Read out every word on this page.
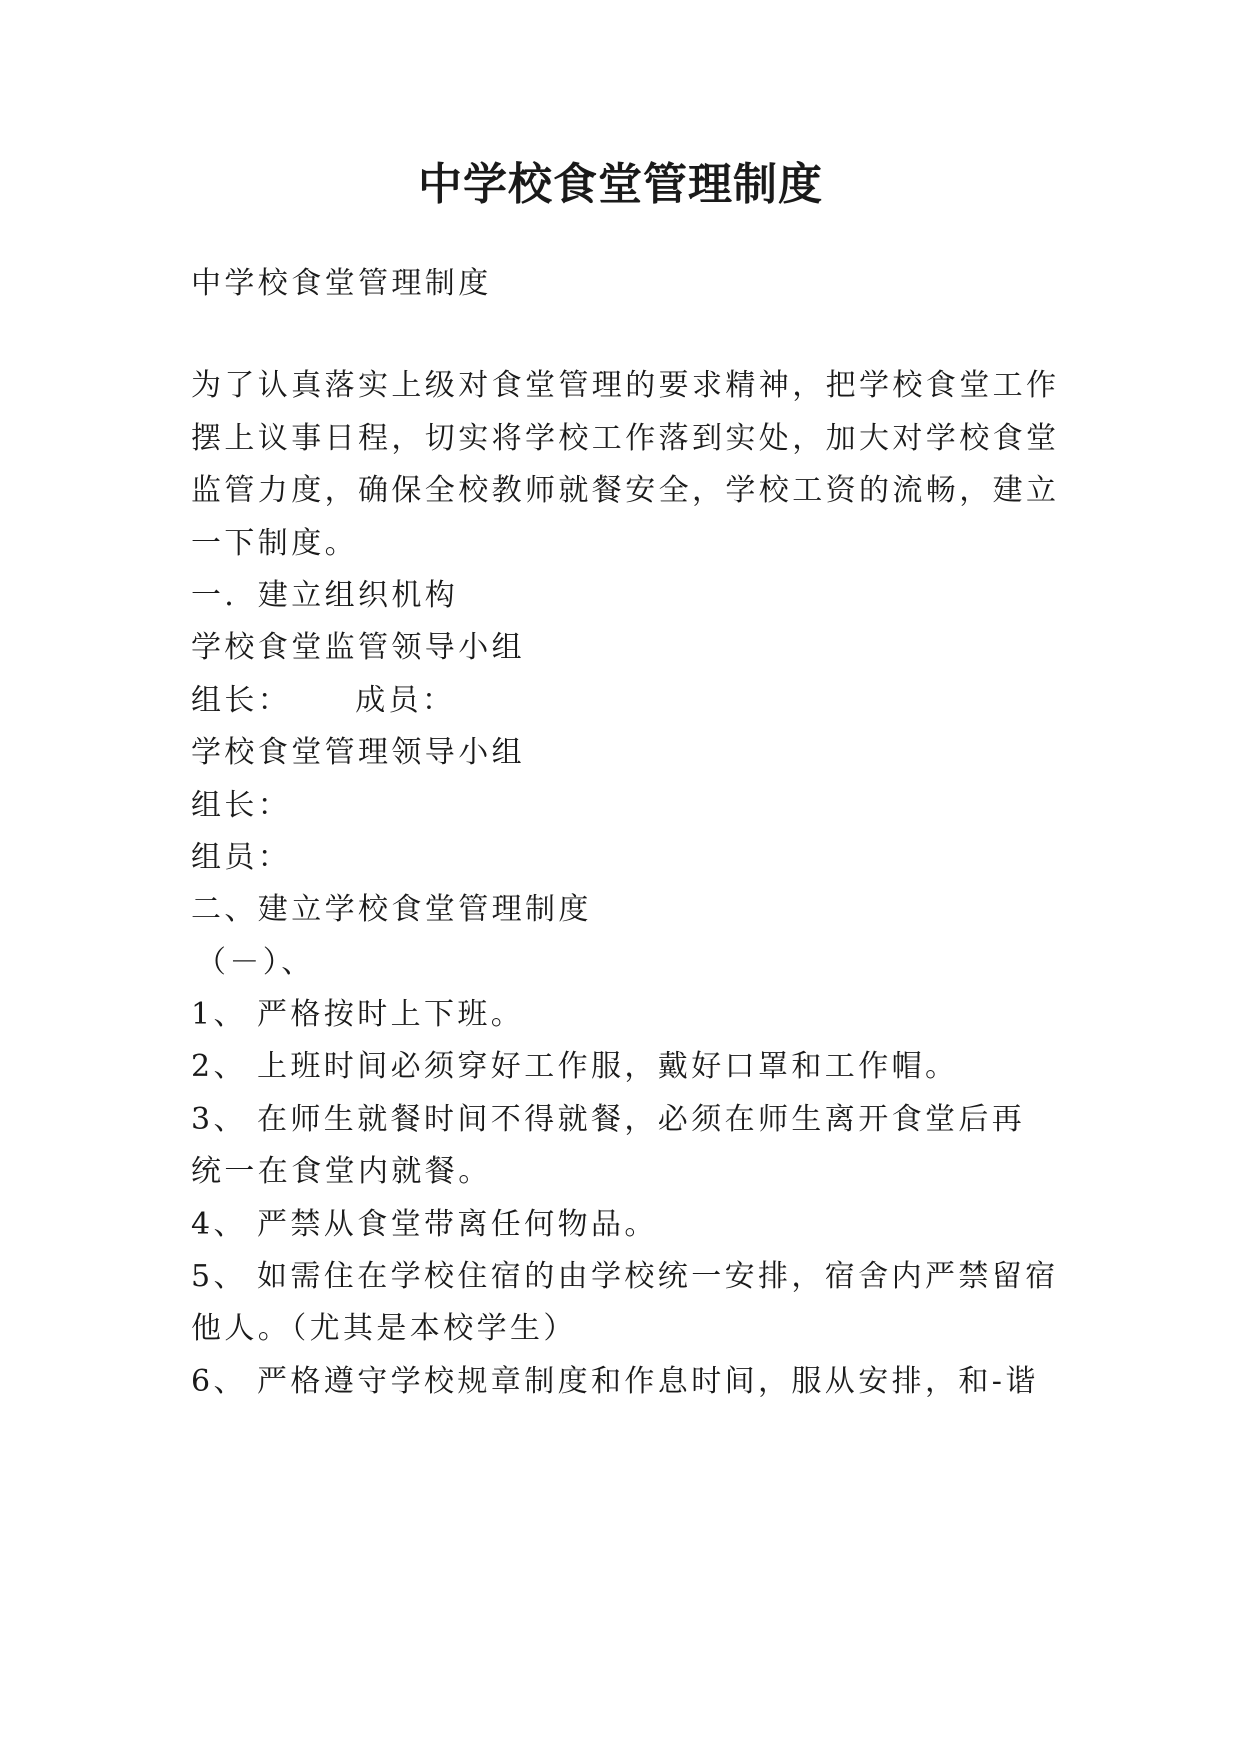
中学校食堂管理制度

中学校食堂管理制度

为了认真落实上级对食堂管理的要求精神，把学校食堂工作

摆上议事日程，切实将学校工作落到实处，加大对学校食堂

监管力度，确保全校教师就餐安全，学校工资的流畅，建立

一下制度。

一．建立组织机构

学校食堂监管领导小组

组长： 成员：

学校食堂管理领导小组

组长：

组员：

二、建立学校食堂管理制度

（－）、

1、 严格按时上下班。

2、 上班时间必须穿好工作服，戴好口罩和工作帽。

3、 在师生就餐时间不得就餐，必须在师生离开食堂后再

统一在食堂内就餐。

4、 严禁从食堂带离任何物品。

5、 如需住在学校住宿的由学校统一安排，宿舍内严禁留宿

他人。（尤其是本校学生）

6、 严格遵守学校规章制度和作息时间，服从安排，和-谐
